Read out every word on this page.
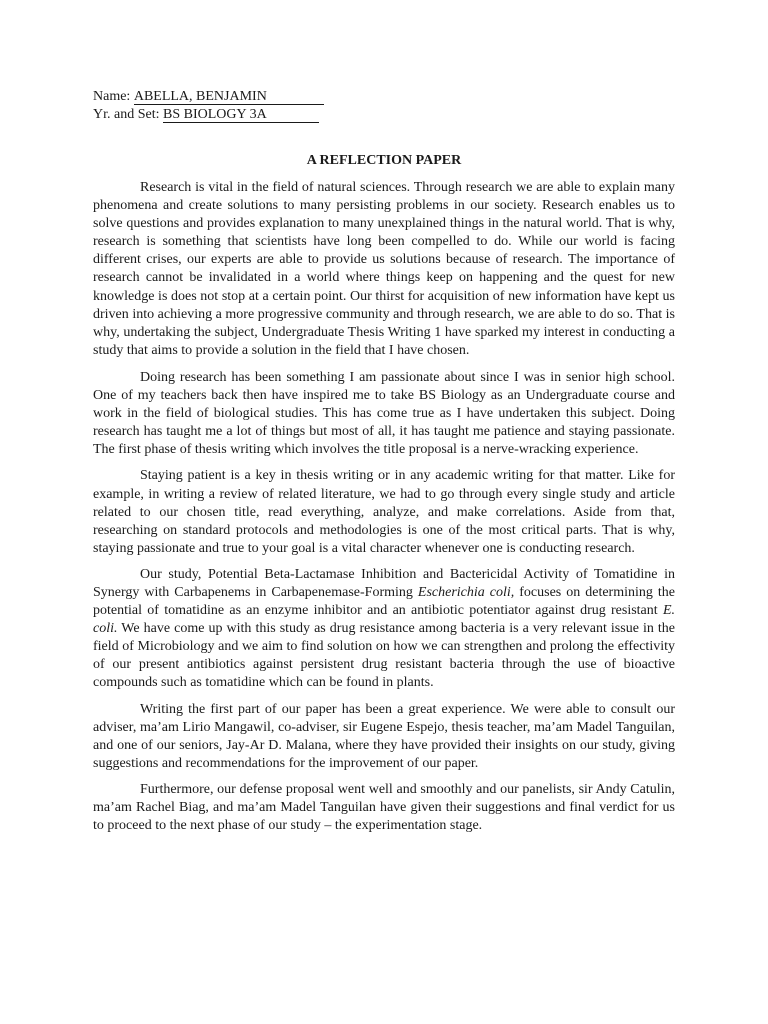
Name: ABELLA, BENJAMIN
Yr. and Set: BS BIOLOGY 3A
A REFLECTION PAPER

Research is vital in the field of natural sciences. Through research we are able to explain many phenomena and create solutions to many persisting problems in our society. Research enables us to solve questions and provides explanation to many unexplained things in the natural world. That is why, research is something that scientists have long been compelled to do. While our world is facing different crises, our experts are able to provide us solutions because of research. The importance of research cannot be invalidated in a world where things keep on happening and the quest for new knowledge is does not stop at a certain point. Our thirst for acquisition of new information have kept us driven into achieving a more progressive community and through research, we are able to do so. That is why, undertaking the subject, Undergraduate Thesis Writing 1 have sparked my interest in conducting a study that aims to provide a solution in the field that I have chosen.

Doing research has been something I am passionate about since I was in senior high school. One of my teachers back then have inspired me to take BS Biology as an Undergraduate course and work in the field of biological studies. This has come true as I have undertaken this subject. Doing research has taught me a lot of things but most of all, it has taught me patience and staying passionate. The first phase of thesis writing which involves the title proposal is a nerve-wracking experience.

Staying patient is a key in thesis writing or in any academic writing for that matter. Like for example, in writing a review of related literature, we had to go through every single study and article related to our chosen title, read everything, analyze, and make correlations. Aside from that, researching on standard protocols and methodologies is one of the most critical parts. That is why, staying passionate and true to your goal is a vital character whenever one is conducting research.

Our study, Potential Beta-Lactamase Inhibition and Bactericidal Activity of Tomatidine in Synergy with Carbapenems in Carbapenemase-Forming Escherichia coli, focuses on determining the potential of tomatidine as an enzyme inhibitor and an antibiotic potentiator against drug resistant E. coli. We have come up with this study as drug resistance among bacteria is a very relevant issue in the field of Microbiology and we aim to find solution on how we can strengthen and prolong the effectivity of our present antibiotics against persistent drug resistant bacteria through the use of bioactive compounds such as tomatidine which can be found in plants.

Writing the first part of our paper has been a great experience. We were able to consult our adviser, ma’am Lirio Mangawil, co-adviser, sir Eugene Espejo, thesis teacher, ma’am Madel Tanguilan, and one of our seniors, Jay-Ar D. Malana, where they have provided their insights on our study, giving suggestions and recommendations for the improvement of our paper.

Furthermore, our defense proposal went well and smoothly and our panelists, sir Andy Catulin, ma’am Rachel Biag, and ma’am Madel Tanguilan have given their suggestions and final verdict for us to proceed to the next phase of our study – the experimentation stage.
